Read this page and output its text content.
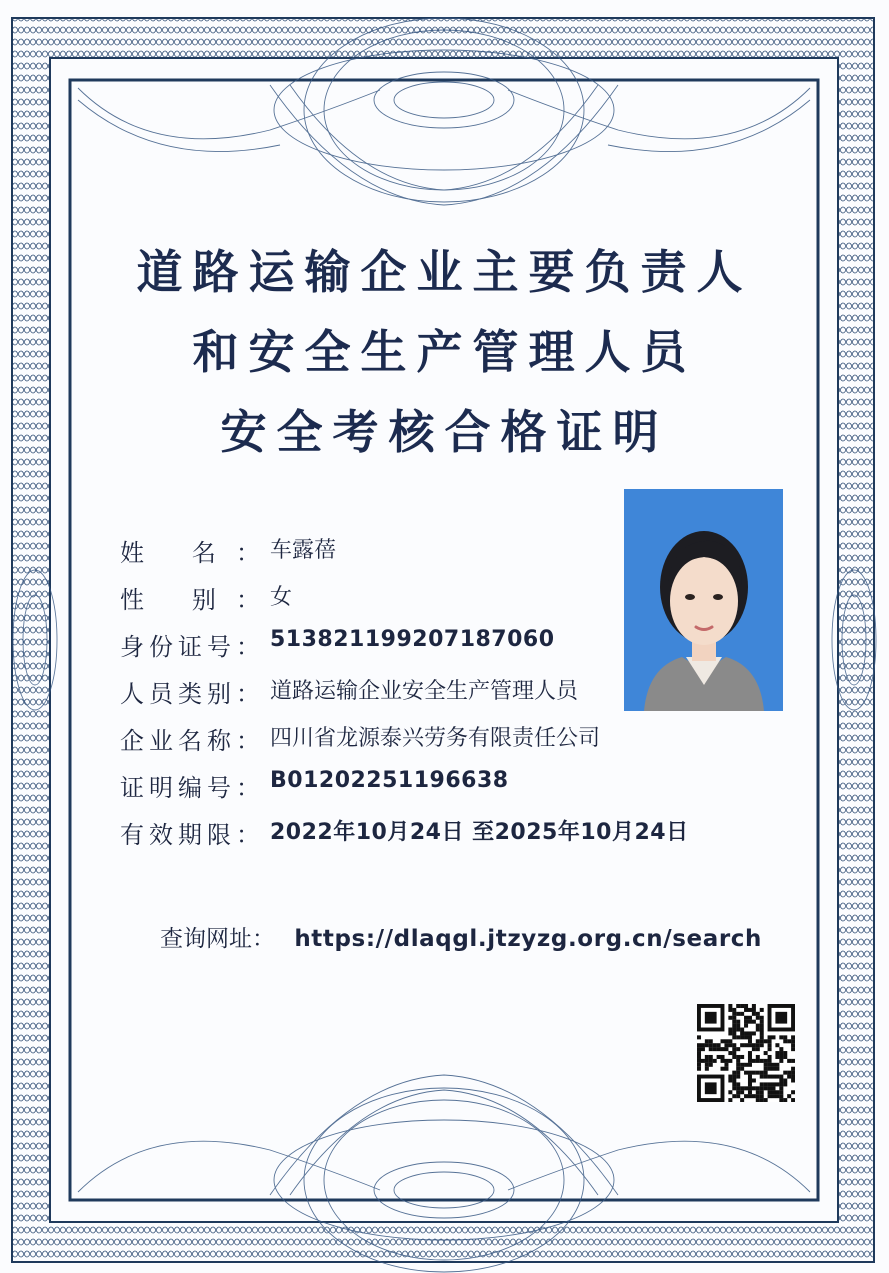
道路运输企业主要负责人
和安全生产管理人员
安全考核合格证明
姓 名： 车露蓓
性 别： 女
身份证号： 513821199207187060
人员类别： 道路运输企业安全生产管理人员
企业名称： 四川省龙源泰兴劳务有限责任公司
证明编号： B01202251196638
有效期限： 2022年10月24日 至2025年10月24日
查询网址： https://dlaqgl.jtzyzg.org.cn/search
